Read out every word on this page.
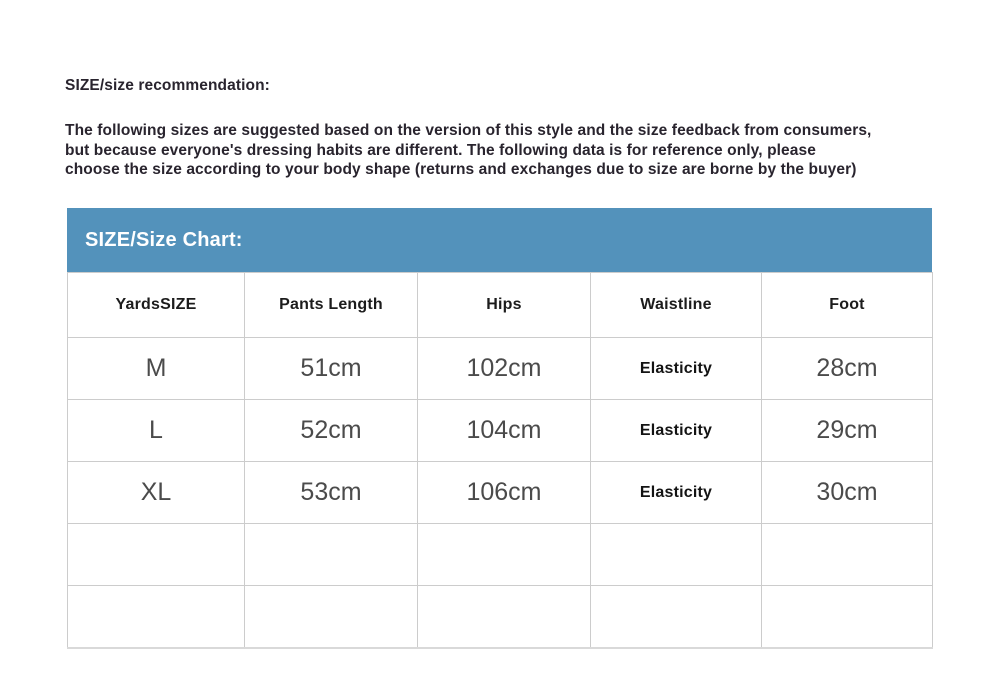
SIZE/size recommendation:
The following sizes are suggested based on the version of this style and the size feedback from consumers,
but because everyone's dressing habits are different. The following data is for reference only, please
choose the size according to your body shape (returns and exchanges due to size are borne by the buyer)
SIZE/Size Chart:
YardsSIZE	Pants Length	Hips	Waistline	Foot
M	51cm	102cm	Elasticity	28cm
L	52cm	104cm	Elasticity	29cm
XL	53cm	106cm	Elasticity	30cm
